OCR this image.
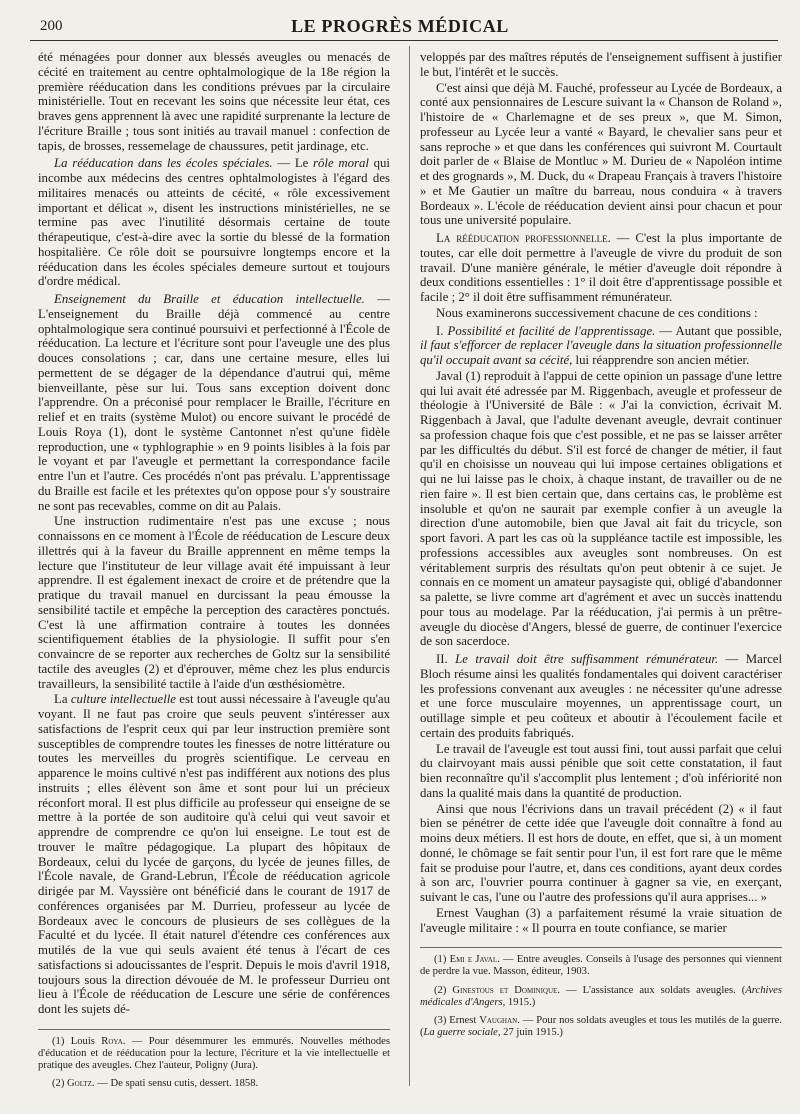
200	LE PROGRÈS MÉDICAL

été ménagées pour donner aux blessés aveugles ou menacés de cécité en traitement au centre ophtalmologique de la 18e région la première rééducation dans les conditions prévues par la circulaire ministérielle. Tout en recevant les soins que nécessite leur état, ces braves gens apprennent là avec une rapidité surprenante la lecture de l'écriture Braille ; tous sont initiés au travail manuel : confection de tapis, de brosses, ressemelage de chaussures, petit jardinage, etc.

La rééducation dans les écoles spéciales. — Le rôle moral qui incombe aux médecins des centres ophtalmologistes à l'égard des militaires menacés ou atteints de cécité, « rôle excessivement important et délicat », disent les instructions ministérielles, ne se termine pas avec l'inutilité désormais certaine de toute thérapeutique, c'est-à-dire avec la sortie du blessé de la formation hospitalière. Ce rôle doit se poursuivre longtemps encore et la rééducation dans les écoles spéciales demeure surtout et toujours d'ordre médical.

Enseignement du Braille et éducation intellectuelle. — L'enseignement du Braille déjà commencé au centre ophtalmologique sera continué poursuivi et perfectionné à l'École de rééducation. La lecture et l'écriture sont pour l'aveugle une des plus douces consolations ; car, dans une certaine mesure, elles lui permettent de se dégager de la dépendance d'autrui qui, même bienveillante, pèse sur lui. Tous sans exception doivent donc l'apprendre. On a préconisé pour remplacer le Braille, l'écriture en relief et en traits (système Mulot) ou encore suivant le procédé de Louis Roya (1), dont le système Cantonnet n'est qu'une fidèle reproduction, une « typhlographie » en 9 points lisibles à la fois par le voyant et par l'aveugle et permettant la correspondance facile entre l'un et l'autre. Ces procédés n'ont pas prévalu. L'apprentissage du Braille est facile et les prétextes qu'on oppose pour s'y soustraire ne sont pas recevables, comme on dit au Palais.

Une instruction rudimentaire n'est pas une excuse ; nous connaissons en ce moment à l'École de rééducation de Lescure deux illettrés qui à la faveur du Braille apprennent en même temps la lecture que l'instituteur de leur village avait été impuissant à leur apprendre. Il est également inexact de croire et de prétendre que la pratique du travail manuel en durcissant la peau émousse la sensibilité tactile et empêche la perception des caractères ponctués. C'est là une affirmation contraire à toutes les données scientifiquement établies de la physiologie. Il suffit pour s'en convaincre de se reporter aux recherches de Goltz sur la sensibilité tactile des aveugles (2) et d'éprouver, même chez les plus endurcis travailleurs, la sensibilité tactile à l'aide d'un œsthésiomètre.

La culture intellectuelle est tout aussi nécessaire à l'aveugle qu'au voyant. Il ne faut pas croire que seuls peuvent s'intéresser aux satisfactions de l'esprit ceux qui par leur instruction première sont susceptibles de comprendre toutes les finesses de notre littérature ou toutes les merveilles du progrès scientifique. Le cerveau en apparence le moins cultivé n'est pas indifférent aux notions des plus instruits ; elles élèvent son âme et sont pour lui un précieux réconfort moral. Il est plus difficile au professeur qui enseigne de se mettre à la portée de son auditoire qu'à celui qui veut savoir et apprendre de comprendre ce qu'on lui enseigne. Le tout est de trouver le maître pédagogique. La plupart des hôpitaux de Bordeaux, celui du lycée de garçons, du lycée de jeunes filles, de l'École navale, de Grand-Lebrun, l'École de rééducation agricole dirigée par M. Vayssière ont bénéficié dans le courant de 1917 de conférences organisées par M. Durrieu, professeur au lycée de Bordeaux avec le concours de plusieurs de ses collègues de la Faculté et du lycée. Il était naturel d'étendre ces conférences aux mutilés de la vue qui seuls avaient été tenus à l'écart de ces satisfactions si adoucissantes de l'esprit. Depuis le mois d'avril 1918, toujours sous la direction dévouée de M. le professeur Durrieu ont lieu à l'École de rééducation de Lescure une série de conférences dont les sujets dé-

(1) Louis Roya. — Pour désemmurer les emmurés. Nouvelles méthodes d'éducation et de rééducation pour la lecture, l'écriture et la vie intellectuelle et pratique des aveugles. Chez l'auteur, Poligny (Jura).

(2) Goltz. — De spati sensu cutis, dessert. 1858.

veloppés par des maîtres réputés de l'enseignement suffisent à justifier le but, l'intérêt et le succès.

C'est ainsi que déjà M. Fauché, professeur au Lycée de Bordeaux, a conté aux pensionnaires de Lescure suivant la « Chanson de Roland », l'histoire de « Charlemagne et de ses preux », que M. Simon, professeur au Lycée leur a vanté « Bayard, le chevalier sans peur et sans reproche » et que dans les conférences qui suivront M. Courtault doit parler de « Blaise de Montluc » M. Durieu de « Napoléon intime et des grognards », M. Duck, du « Drapeau Français à travers l'histoire » et Me Gautier un maître du barreau, nous conduira « à travers Bordeaux ». L'école de rééducation devient ainsi pour chacun et pour tous une université populaire.

La rééducation professionnelle. — C'est la plus importante de toutes, car elle doit permettre à l'aveugle de vivre du produit de son travail. D'une manière générale, le métier d'aveugle doit répondre à deux conditions essentielles : 1° il doit être d'apprentissage possible et facile ; 2° il doit être suffisamment rémunérateur.

Nous examinerons successivement chacune de ces conditions :

I. Possibilité et facilité de l'apprentissage. — Autant que possible, il faut s'efforcer de replacer l'aveugle dans la situation professionnelle qu'il occupait avant sa cécité, lui réapprendre son ancien métier.

Javal (1) reproduit à l'appui de cette opinion un passage d'une lettre qui lui avait été adressée par M. Riggenbach, aveugle et professeur de théologie à l'Université de Bâle : « J'ai la conviction, écrivait M. Riggenbach à Javal, que l'adulte devenant aveugle, devrait continuer sa profession chaque fois que c'est possible, et ne pas se laisser arrêter par les difficultés du début. S'il est forcé de changer de métier, il faut qu'il en choisisse un nouveau qui lui impose certaines obligations et qui ne lui laisse pas le choix, à chaque instant, de travailler ou de ne rien faire ». Il est bien certain que, dans certains cas, le problème est insoluble et qu'on ne saurait par exemple confier à un aveugle la direction d'une automobile, bien que Javal ait fait du tricycle, son sport favori. A part les cas où la suppléance tactile est impossible, les professions accessibles aux aveugles sont nombreuses. On est véritablement surpris des résultats qu'on peut obtenir à ce sujet. Je connais en ce moment un amateur paysagiste qui, obligé d'abandonner sa palette, se livre comme art d'agrément et avec un succès inattendu pour tous au modelage. Par la rééducation, j'ai permis à un prêtre-aveugle du diocèse d'Angers, blessé de guerre, de continuer l'exercice de son sacerdoce.

II. Le travail doit être suffisamment rémunérateur. — Marcel Bloch résume ainsi les qualités fondamentales qui doivent caractériser les professions convenant aux aveugles : ne nécessiter qu'une adresse et une force musculaire moyennes, un apprentissage court, un outillage simple et peu coûteux et aboutir à l'écoulement facile et certain des produits fabriqués.

Le travail de l'aveugle est tout aussi fini, tout aussi parfait que celui du clairvoyant mais aussi pénible que soit cette constatation, il faut bien reconnaître qu'il s'accomplit plus lentement ; d'où infériorité non dans la qualité mais dans la quantité de production.

Ainsi que nous l'écrivions dans un travail précédent (2) « il faut bien se pénétrer de cette idée que l'aveugle doit connaître à fond au moins deux métiers. Il est hors de doute, en effet, que si, à un moment donné, le chômage se fait sentir pour l'un, il est fort rare que le même fait se produise pour l'autre, et, dans ces conditions, ayant deux cordes à son arc, l'ouvrier pourra continuer à gagner sa vie, en exerçant, suivant le cas, l'une ou l'autre des professions qu'il aura apprises... »

Ernest Vaughan (3) a parfaitement résumé la vraie situation de l'aveugle militaire : « Il pourra en toute confiance, se marier

(1) Emi e Javal. — Entre aveugles. Conseils à l'usage des personnes qui viennent de perdre la vue. Masson, éditeur, 1903.

(2) Ginestous et Dominique. — L'assistance aux soldats aveugles. (Archives médicales d'Angers, 1915.)

(3) Ernest Vaughan. — Pour nos soldats aveugles et tous les mutilés de la guerre. (La guerre sociale, 27 juin 1915.)
